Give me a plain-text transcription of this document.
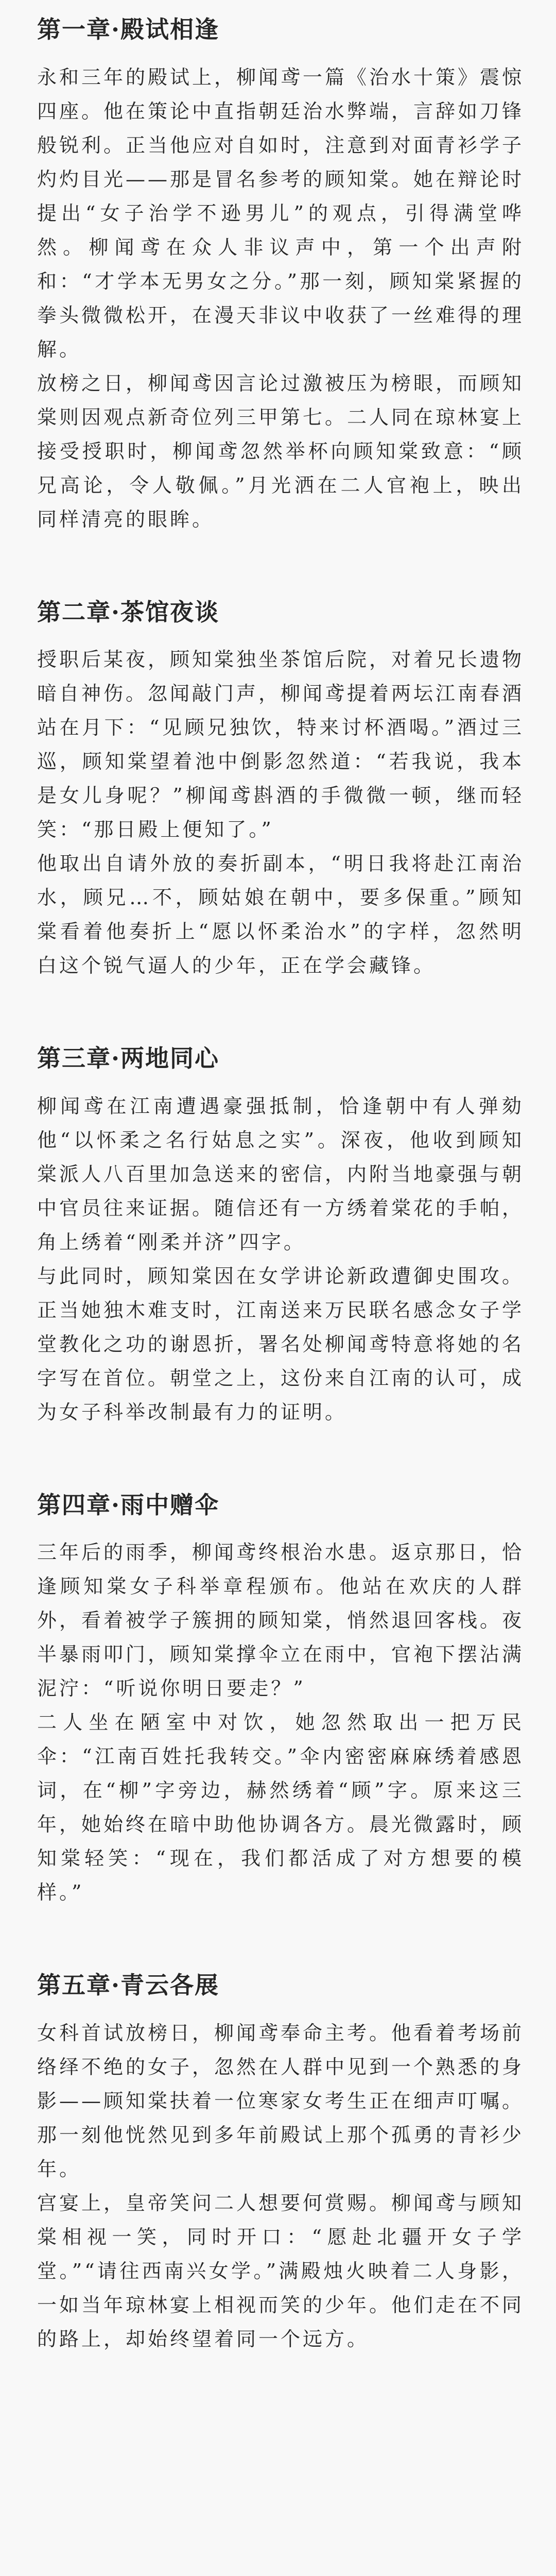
第一章·殿试相逢

永和三年的殿试上，柳闻鸢一篇《治水十策》震惊四座。他在策论中直指朝廷治水弊端，言辞如刀锋般锐利。正当他应对自如时，注意到对面青衫学子灼灼目光——那是冒名参考的顾知棠。她在辩论时提出“女子治学不逊男儿”的观点，引得满堂哗然。柳闻鸢在众人非议声中，第一个出声附和：“才学本无男女之分。”那一刻，顾知棠紧握的拳头微微松开，在漫天非议中收获了一丝难得的理解。

放榜之日，柳闻鸢因言论过激被压为榜眼，而顾知棠则因观点新奇位列三甲第七。二人同在琼林宴上接受授职时，柳闻鸢忽然举杯向顾知棠致意：“顾兄高论，令人敬佩。”月光洒在二人官袍上，映出同样清亮的眼眸。

第二章·茶馆夜谈

授职后某夜，顾知棠独坐茶馆后院，对着兄长遗物暗自神伤。忽闻敲门声，柳闻鸢提着两坛江南春酒站在月下：“见顾兄独饮，特来讨杯酒喝。”酒过三巡，顾知棠望着池中倒影忽然道：“若我说，我本是女儿身呢？”柳闻鸢斟酒的手微微一顿，继而轻笑：“那日殿上便知了。”

他取出自请外放的奏折副本，“明日我将赴江南治水，顾兄…不，顾姑娘在朝中，要多保重。”顾知棠看着他奏折上“愿以怀柔治水”的字样，忽然明白这个锐气逼人的少年，正在学会藏锋。

第三章·两地同心

柳闻鸢在江南遭遇豪强抵制，恰逢朝中有人弹劾他“以怀柔之名行姑息之实”。深夜，他收到顾知棠派人八百里加急送来的密信，内附当地豪强与朝中官员往来证据。随信还有一方绣着棠花的手帕，角上绣着“刚柔并济”四字。

与此同时，顾知棠因在女学讲论新政遭御史围攻。正当她独木难支时，江南送来万民联名感念女子学堂教化之功的谢恩折，署名处柳闻鸢特意将她的名字写在首位。朝堂之上，这份来自江南的认可，成为女子科举改制最有力的证明。

第四章·雨中赠伞

三年后的雨季，柳闻鸢终根治水患。返京那日，恰逢顾知棠女子科举章程颁布。他站在欢庆的人群外，看着被学子簇拥的顾知棠，悄然退回客栈。夜半暴雨叩门，顾知棠撑伞立在雨中，官袍下摆沾满泥泞：“听说你明日要走？”

二人坐在陋室中对饮，她忽然取出一把万民伞：“江南百姓托我转交。”伞内密密麻麻绣着感恩词，在“柳”字旁边，赫然绣着“顾”字。原来这三年，她始终在暗中助他协调各方。晨光微露时，顾知棠轻笑：“现在，我们都活成了对方想要的模样。”

第五章·青云各展

女科首试放榜日，柳闻鸢奉命主考。他看着考场前络绎不绝的女子，忽然在人群中见到一个熟悉的身影——顾知棠扶着一位寒家女考生正在细声叮嘱。那一刻他恍然见到多年前殿试上那个孤勇的青衫少年。

宫宴上，皇帝笑问二人想要何赏赐。柳闻鸢与顾知棠相视一笑，同时开口：“愿赴北疆开女子学堂。”“请往西南兴女学。”满殿烛火映着二人身影，一如当年琼林宴上相视而笑的少年。他们走在不同的路上，却始终望着同一个远方。
